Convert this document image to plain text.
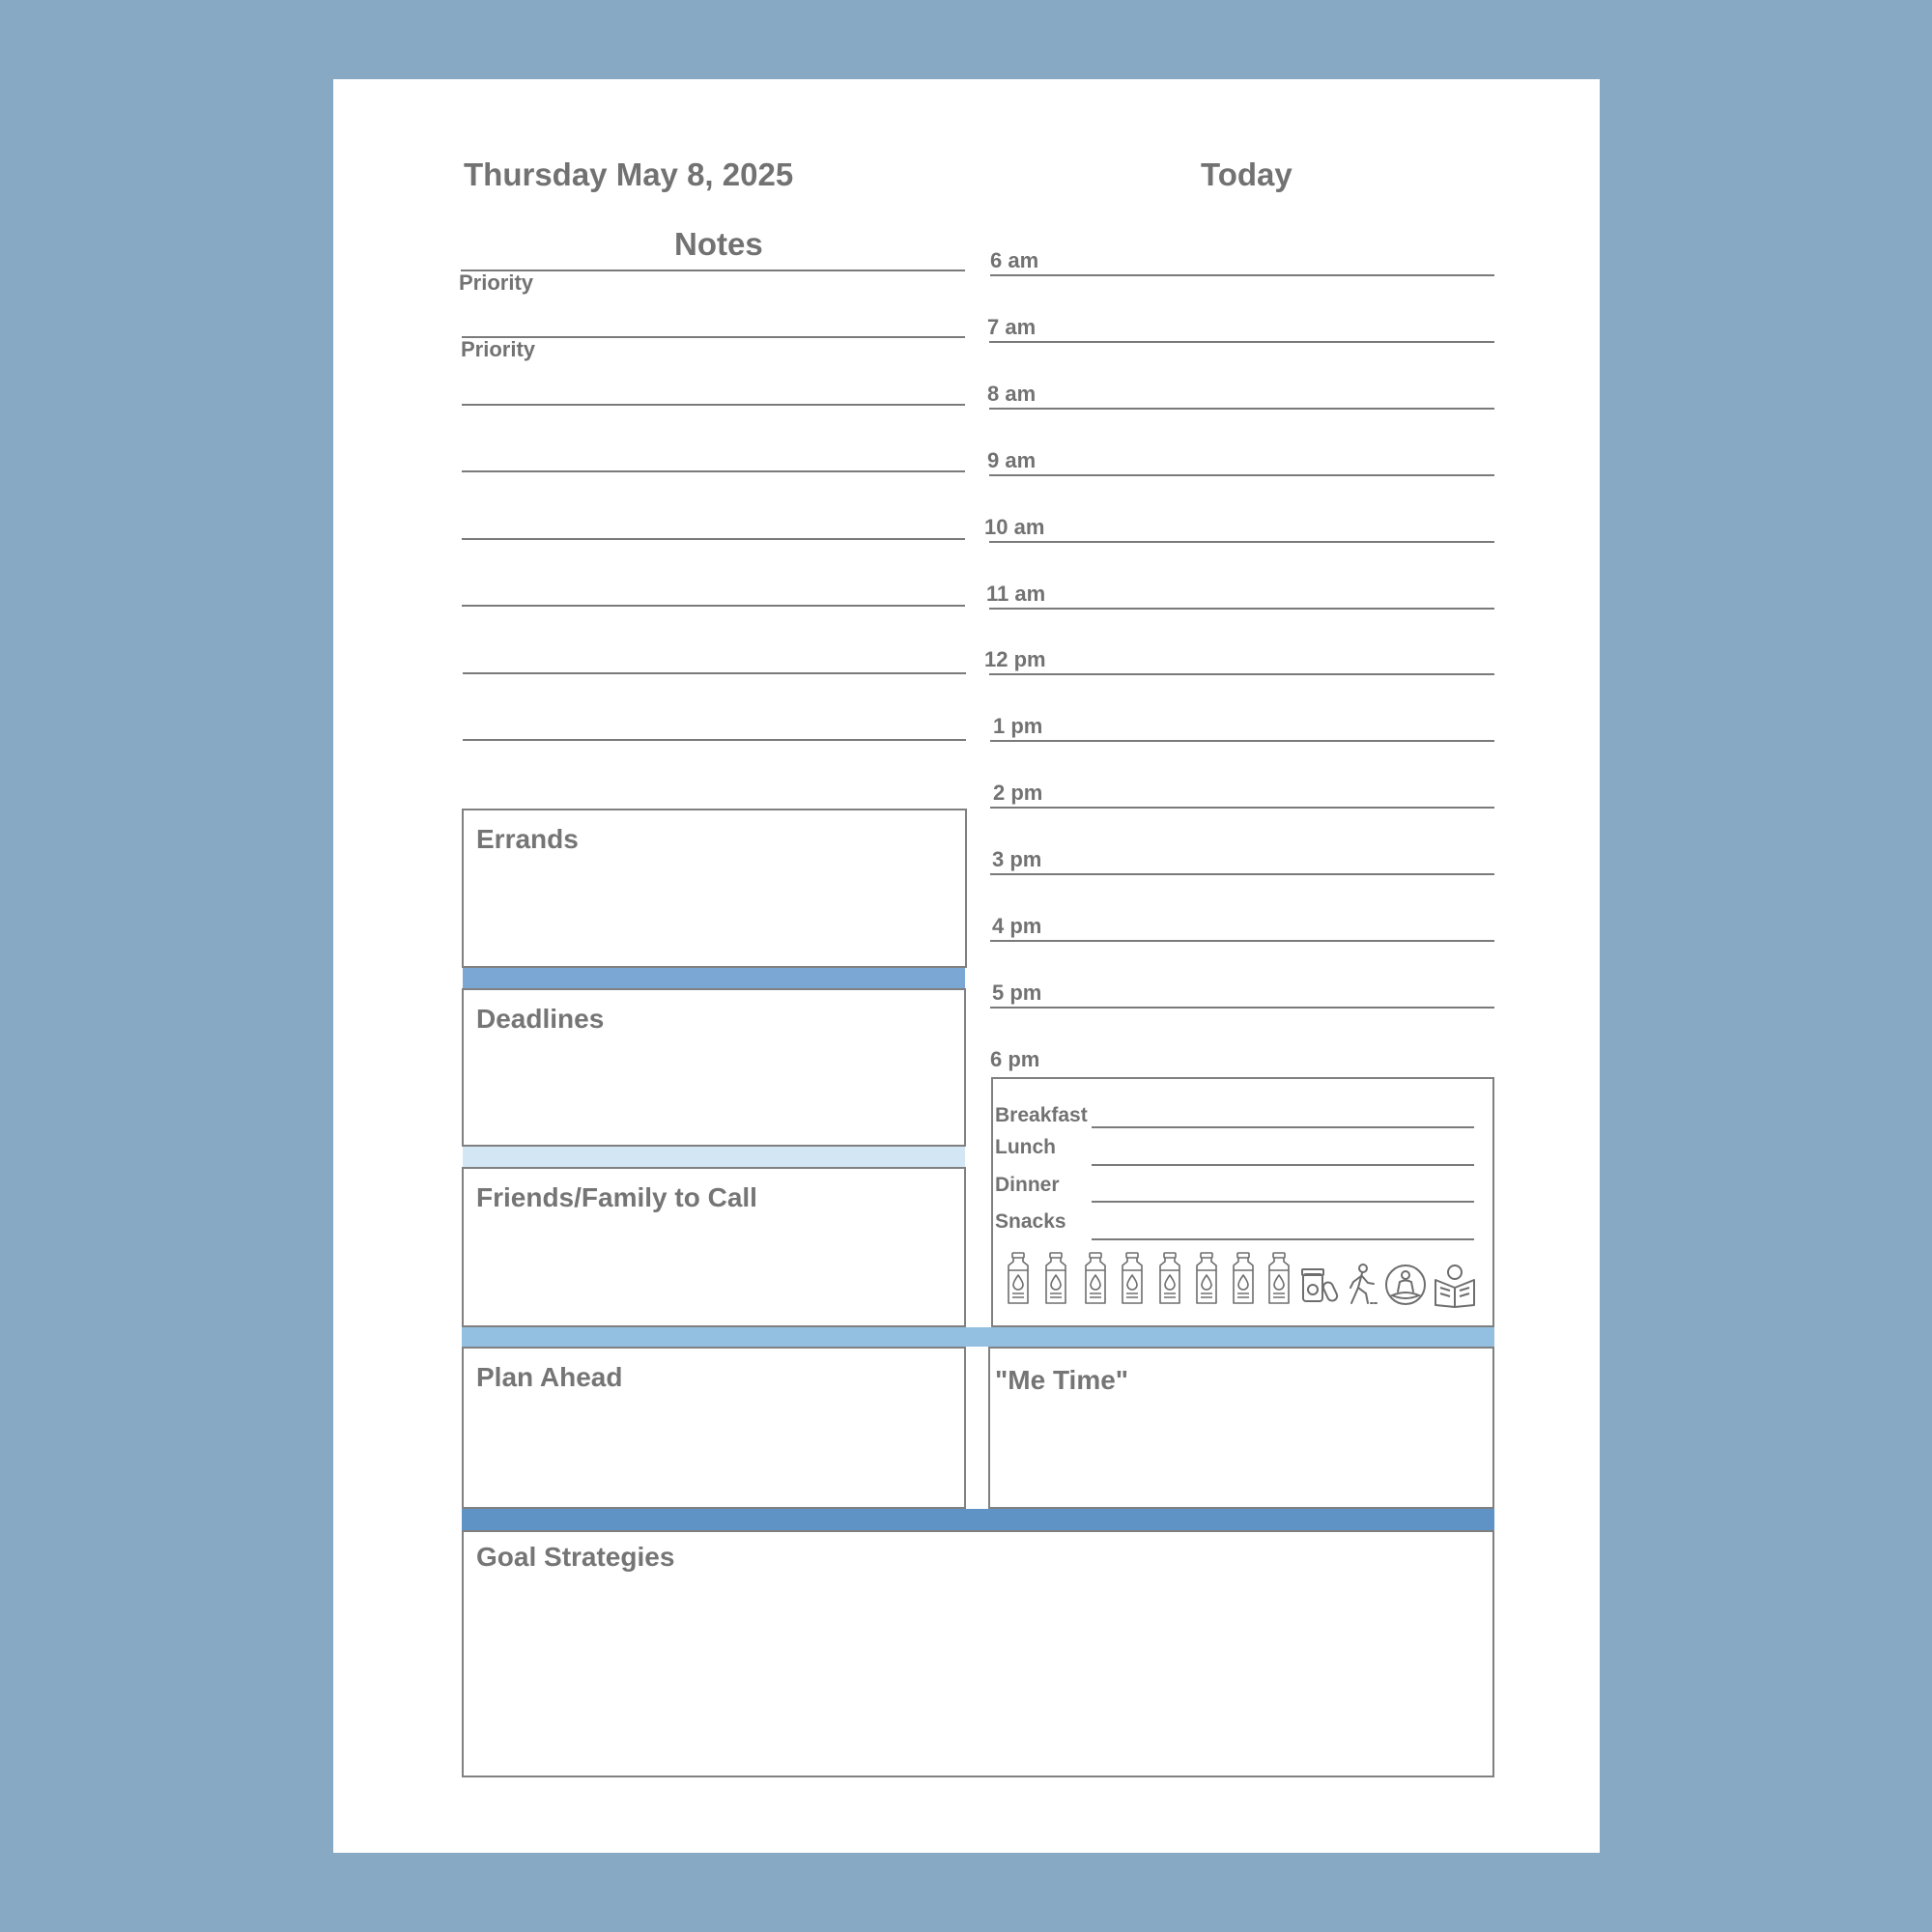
Thursday May 8, 2025	Today
Notes
Priority
Priority
6 am
7 am
8 am
9 am
10 am
11 am
12 pm
1 pm
2 pm
3 pm
4 pm
5 pm
6 pm
Errands
Deadlines
Friends/Family to Call
Plan Ahead	"Me Time"
Goal Strategies
Breakfast
Lunch
Dinner
Snacks
